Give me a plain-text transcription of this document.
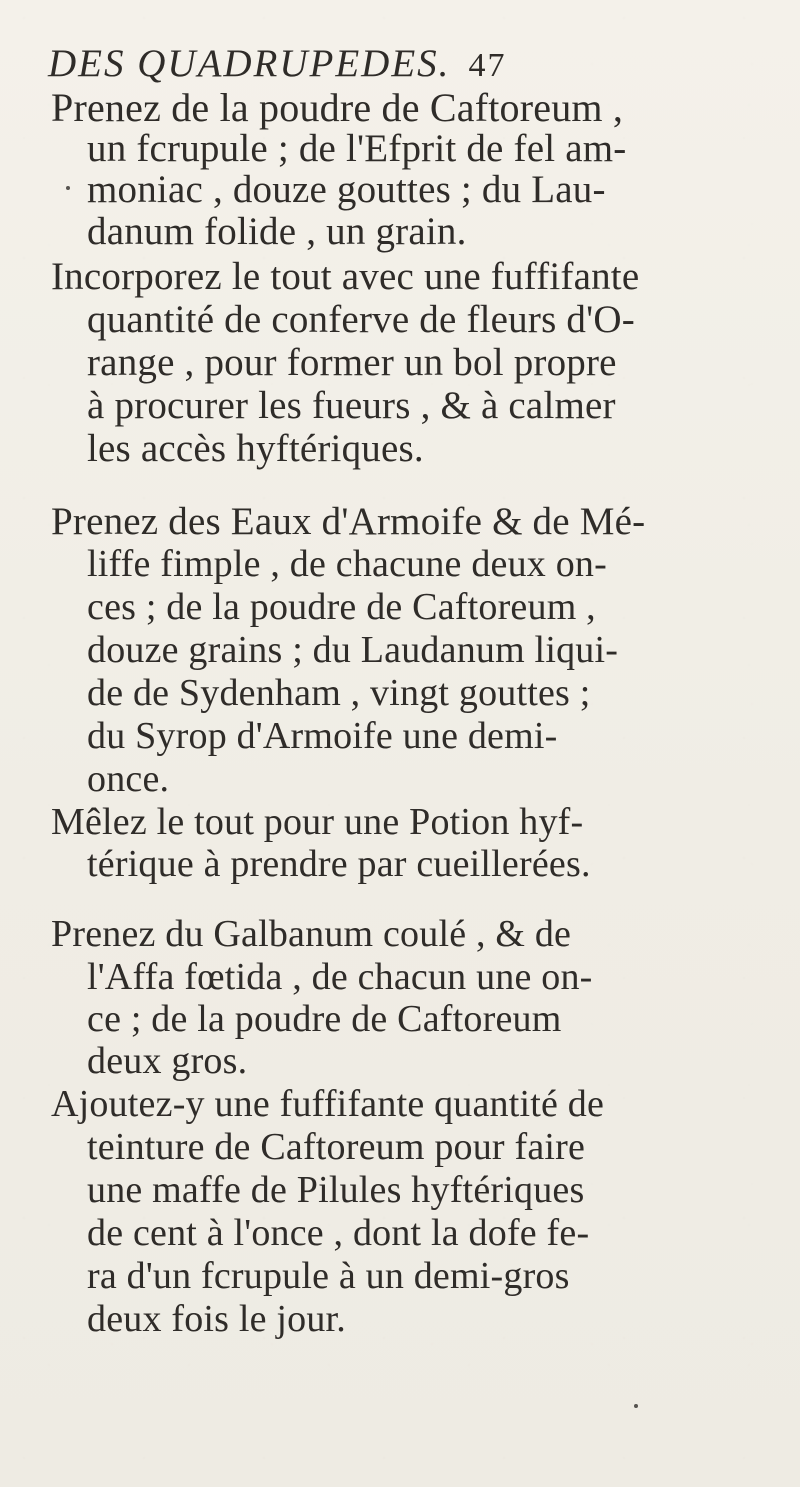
DES QUADRUPEDES. 47
Prenez de la poudre de Caftoreum ,
un fcrupule ; de l'Efprit de fel am-
moniac , douze gouttes ; du Lau-
danum folide , un grain.
Incorporez le tout avec une fuffifante
quantité de conferve de fleurs d'O-
range , pour former un bol propre
à procurer les fueurs , & à calmer
les accès hyftériques.
Prenez des Eaux d'Armoife & de Mé-
liffe fimple , de chacune deux on-
ces ; de la poudre de Caftoreum ,
douze grains ; du Laudanum liqui-
de de Sydenham , vingt gouttes ;
du Syrop d'Armoife une demi-
once.
Mêlez le tout pour une Potion hyf-
térique à prendre par cueillerées.
Prenez du Galbanum coulé , & de
l'Affa fœtida , de chacun une on-
ce ; de la poudre de Caftoreum
deux gros.
Ajoutez-y une fuffifante quantité de
teinture de Caftoreum pour faire
une maffe de Pilules hyftériques
de cent à l'once , dont la dofe fe-
ra d'un fcrupule à un demi-gros
deux fois le jour.
